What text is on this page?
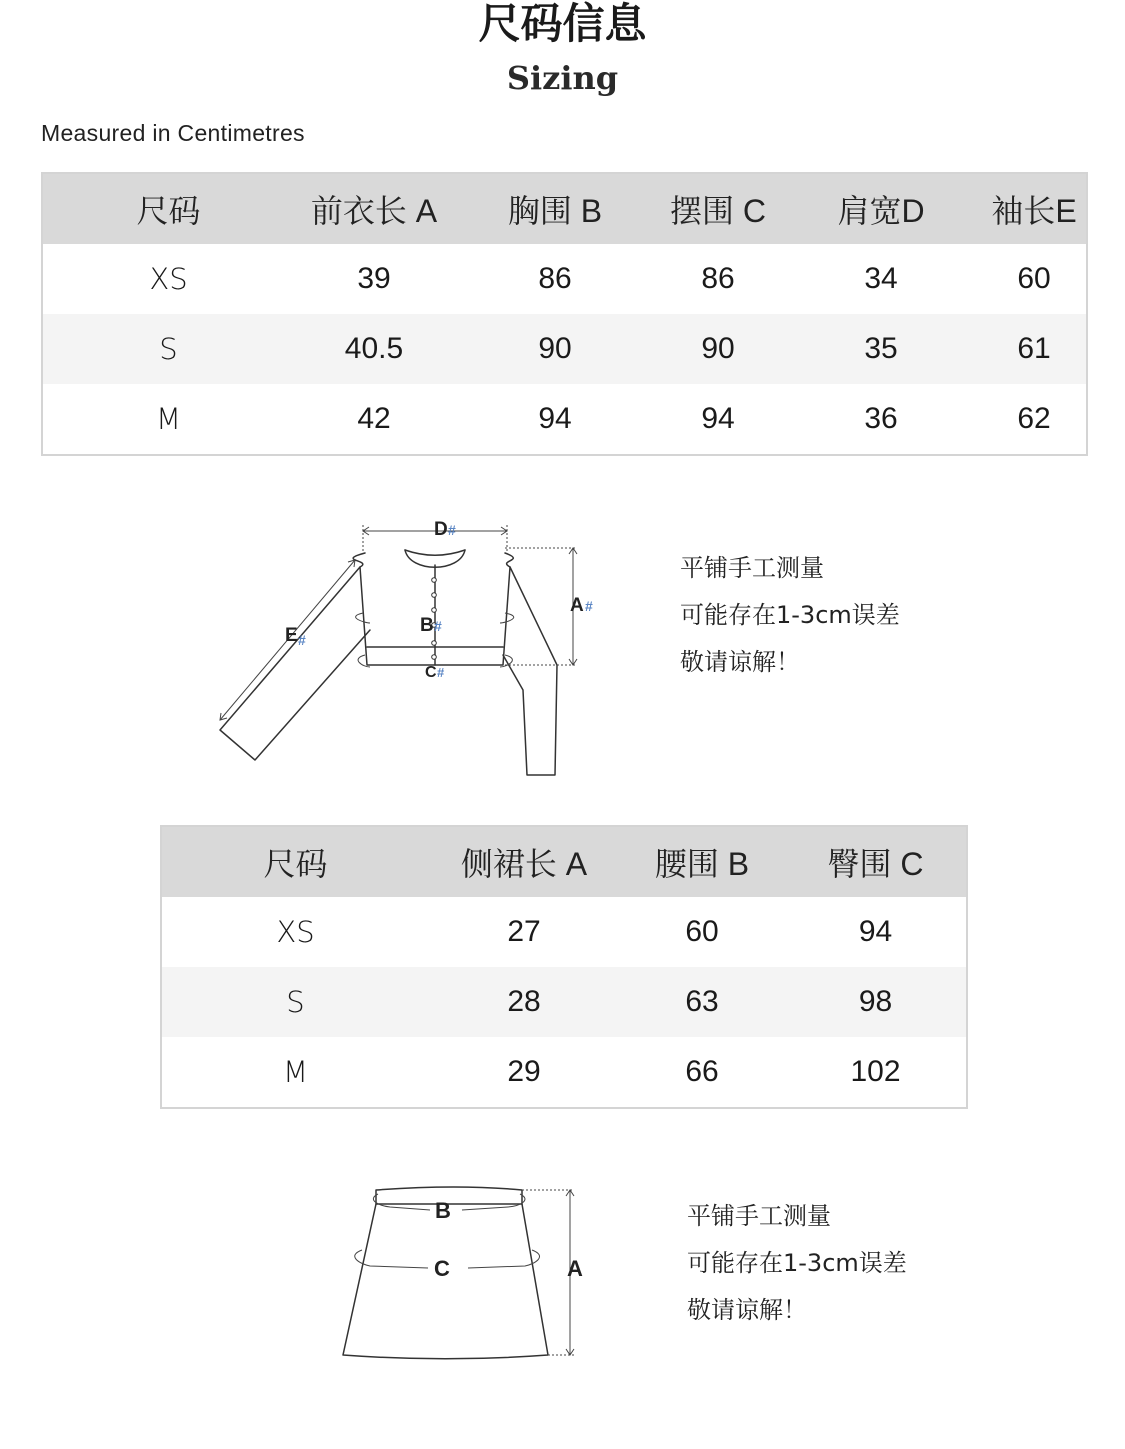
尺码信息
Sizing
Measured in Centimetres
尺码	前衣长 A	胸围 B	摆围 C	肩宽D	袖长E
XS	39	86	86	34	60
S	40.5	90	90	35	61
M	42	94	94	36	62
D #
A #
B #
C #
E #
平铺手工测量
可能存在1-3cm误差
敬请谅解！
尺码	侧裙长 A	腰围 B	臀围 C
XS	27	60	94
S	28	63	98
M	29	66	102
B
C	A
平铺手工测量
可能存在1-3cm误差
敬请谅解！
